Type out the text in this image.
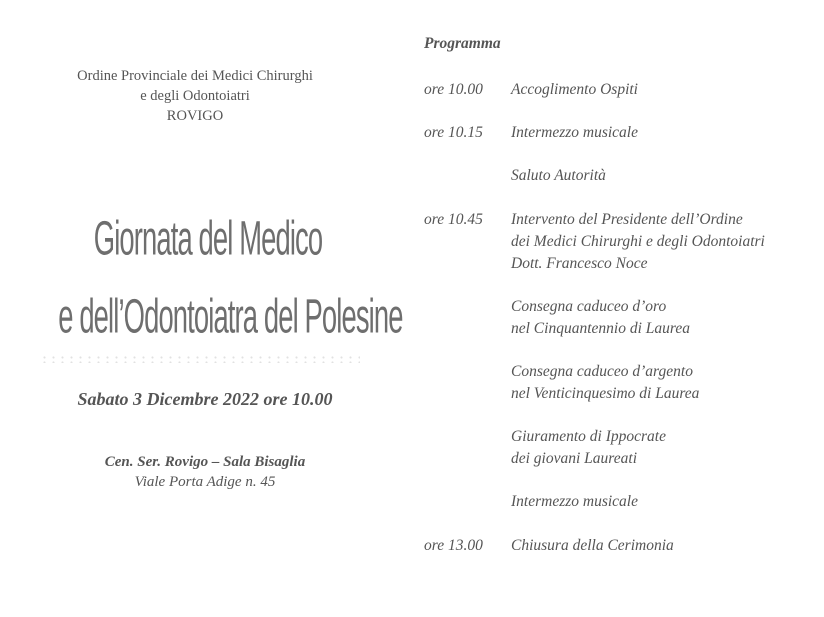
Ordine Provinciale dei Medici Chirurghi
e degli Odontoiatri
ROVIGO
Giornata del Medico
e dell’Odontoiatra del Polesine
Sabato 3 Dicembre 2022 ore 10.00
Cen. Ser. Rovigo – Sala Bisaglia
Viale Porta Adige n. 45
Programma
ore 10.00 Accoglimento Ospiti
ore 10.15 Intermezzo musicale
Saluto Autorità
ore 10.45 Intervento del Presidente dell’Ordine
dei Medici Chirurghi e degli Odontoiatri
Dott. Francesco Noce
Consegna caduceo d’oro
nel Cinquantennio di Laurea
Consegna caduceo d’argento
nel Venticinquesimo di Laurea
Giuramento di Ippocrate
dei giovani Laureati
Intermezzo musicale
ore 13.00 Chiusura della Cerimonia
